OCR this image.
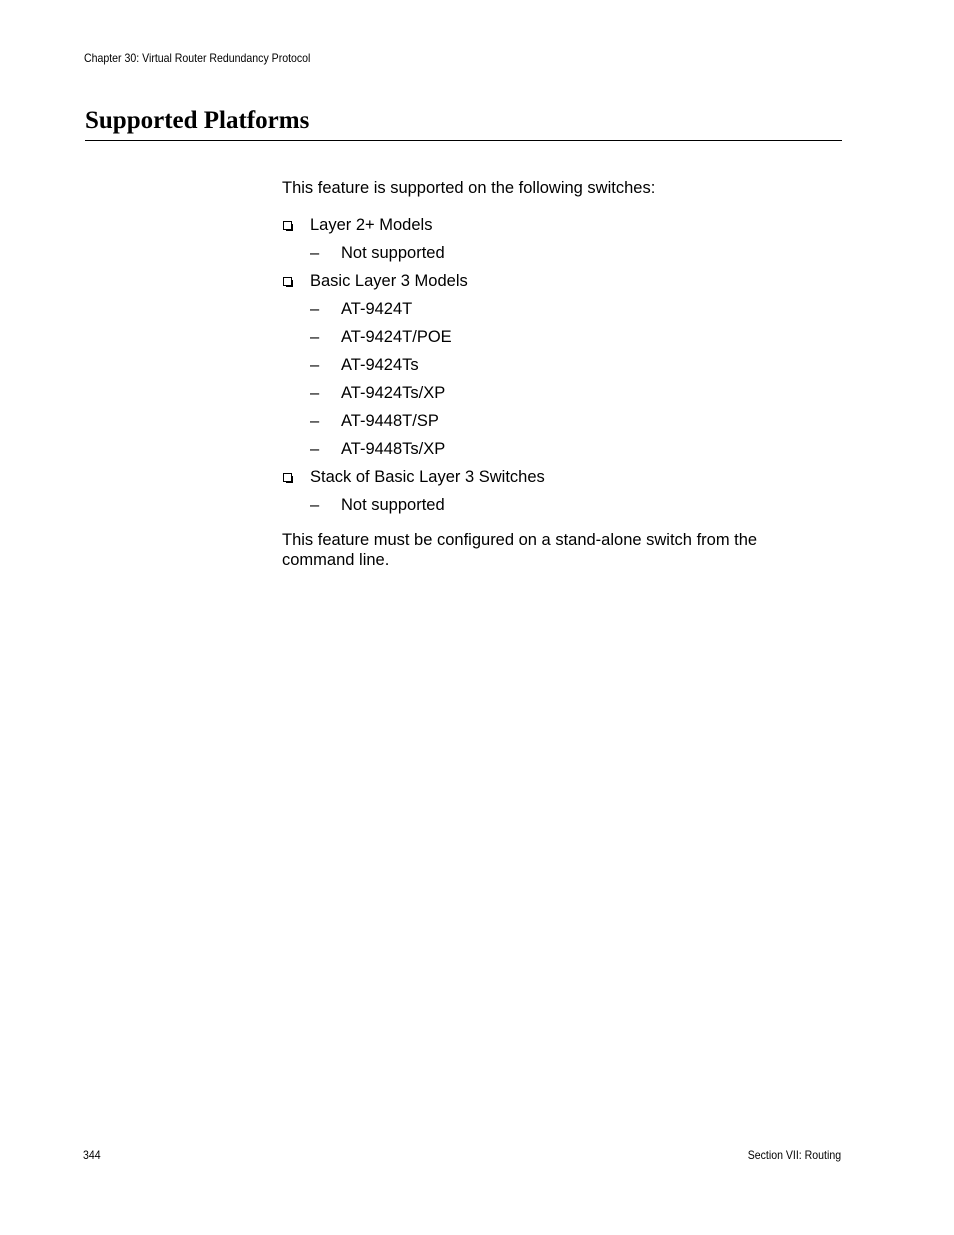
Chapter 30: Virtual Router Redundancy Protocol
Supported Platforms

This feature is supported on the following switches:

Layer 2+ Models
–	Not supported
Basic Layer 3 Models
–	AT-9424T
–	AT-9424T/POE
–	AT-9424Ts
–	AT-9424Ts/XP
–	AT-9448T/SP
–	AT-9448Ts/XP
Stack of Basic Layer 3 Switches
–	Not supported

This feature must be configured on a stand-alone switch from the command line.

344	Section VII: Routing
